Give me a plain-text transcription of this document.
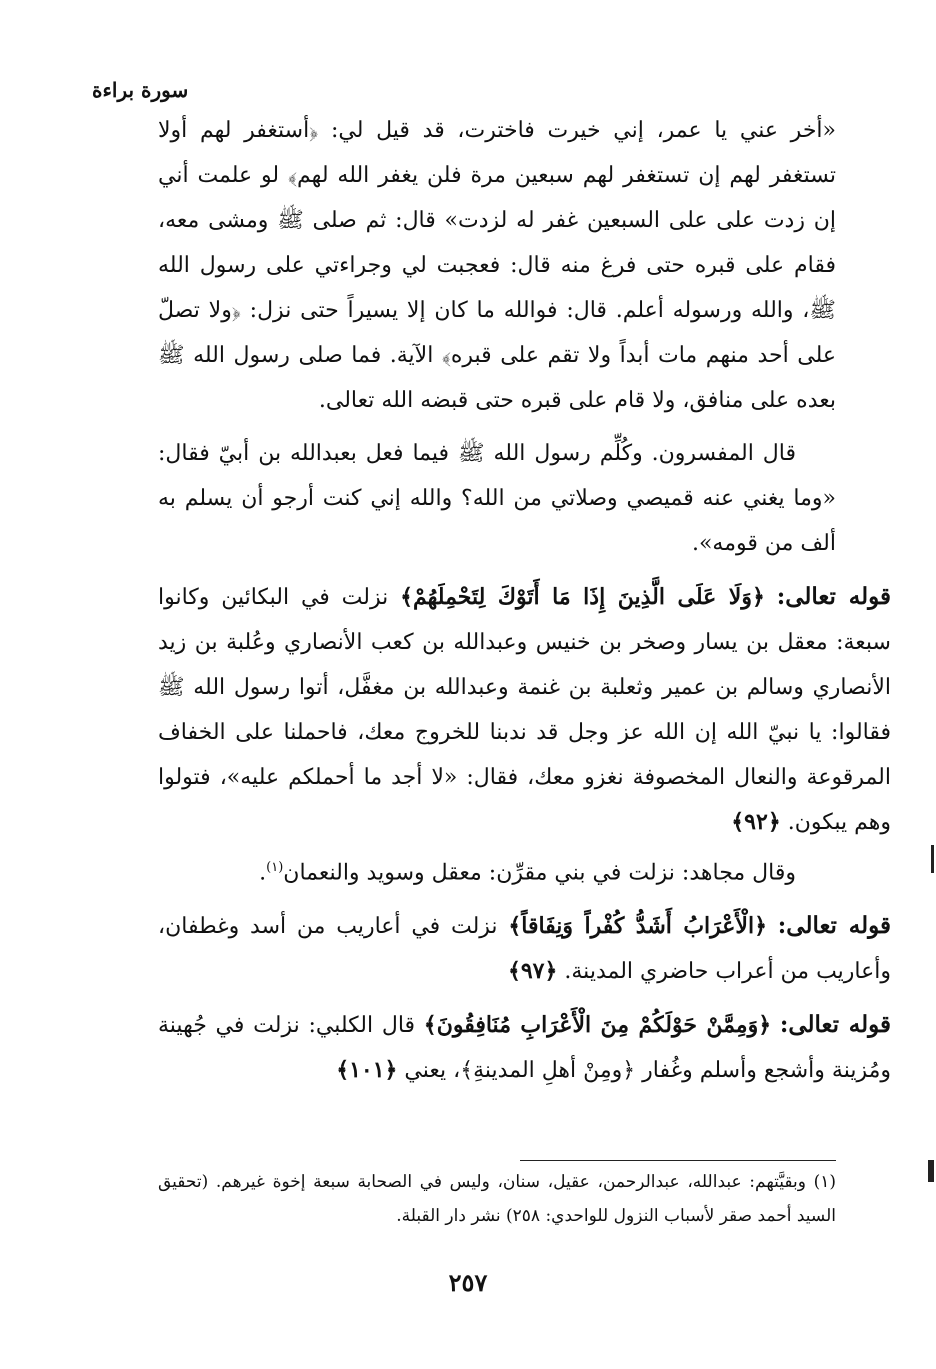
سورة براءة

«أخر عني يا عمر، إني خيرت فاخترت، قد قيل لي: ﴿أستغفر لهم أولا تستغفر لهم إن تستغفر لهم سبعين مرة فلن يغفر الله لهم﴾ لو علمت أني إن زدت على على السبعين غفر له لزدت» قال: ثم صلى ﷺ ومشى معه، فقام على قبره حتى فرغ منه قال: فعجبت لي وجراءتي على رسول الله ﷺ، والله ورسوله أعلم. قال: فوالله ما كان إلا يسيراً حتى نزل: ﴿ولا تصلّ على أحد منهم مات أبداً ولا تقم على قبره﴾ الآية. فما صلى رسول الله ﷺ بعده على منافق، ولا قام على قبره حتى قبضه الله تعالى.

قال المفسرون. وكُلِّم رسول الله ﷺ فيما فعل بعبدالله بن أبيّ فقال: «وما يغني عنه قميصي وصلاتي من الله؟ والله إني كنت أرجو أن يسلم به ألف من قومه».

قوله تعالى: ﴿وَلَا عَلَى الَّذِينَ إِذَا مَا أَتَوْكَ لِتَحْمِلَهُمْ﴾ نزلت في البكائين وكانوا سبعة: معقل بن يسار وصخر بن خنيس وعبدالله بن كعب الأنصاري وعُلبة بن زيد الأنصاري وسالم بن عمير وثعلبة بن غنمة وعبدالله بن مغفَّل، أتوا رسول الله ﷺ فقالوا: يا نبيّ الله إن الله عز وجل قد ندبنا للخروج معك، فاحملنا على الخفاف المرقوعة والنعال المخصوفة نغزو معك، فقال: «لا أجد ما أحملكم عليه»، فتولوا وهم يبكون. ﴿٩٢﴾

وقال مجاهد: نزلت في بني مقرِّن: معقل وسويد والنعمان$^{(١)}$.

قوله تعالى: ﴿الْأَعْرَابُ أَشَدُّ كُفْراً وَنِفَاقاً﴾ نزلت في أعاريب من أسد وغطفان، وأعاريب من أعراب حاضري المدينة. ﴿٩٧﴾

قوله تعالى: ﴿وَمِمَّنْ حَوْلَكُمْ مِنَ الْأَعْرَابِ مُنَافِقُونَ﴾ قال الكلبي: نزلت في جُهينة ومُزينة وأشجع وأسلم وغُفار ﴿ومِنْ أهلِ المدينةِ﴾، يعني ﴿١٠١﴾

(١) وبقيَّتهم: عبدالله، عبدالرحمن، عقيل، سنان، وليس في الصحابة سبعة إخوة غيرهم. (تحقيق السيد أحمد صقر لأسباب النزول للواحدي: ٢٥٨) نشر دار القبلة.
٢٥٧
